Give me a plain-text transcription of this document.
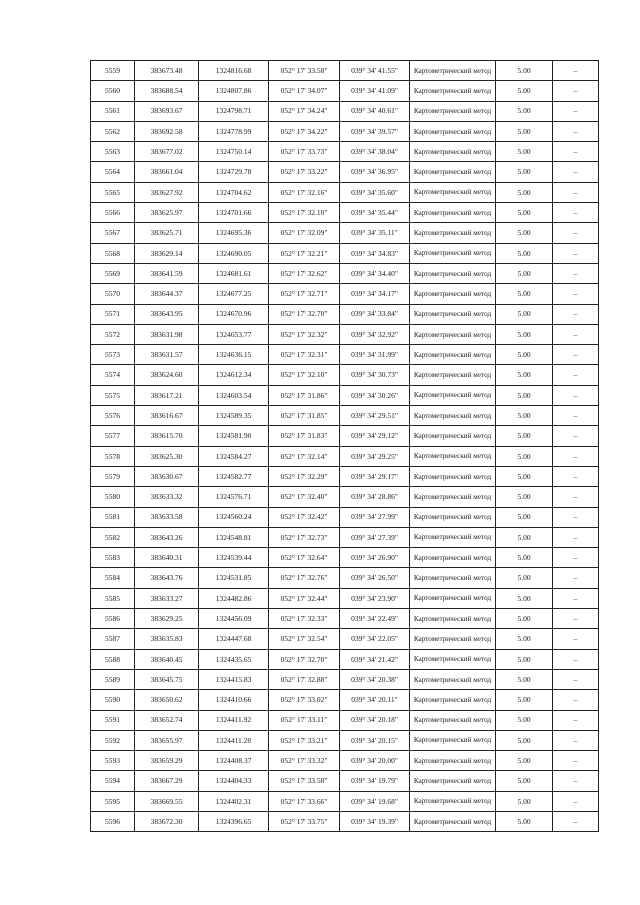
5559	383673.48	1324816.68	052° 17' 33.58"	039° 34' 41.55"	Картометрический метод	5.00	–
5560	383688.54	1324807.86	052° 17' 34.07"	039° 34' 41.09"	Картометрический метод	5.00	–
5561	383693.67	1324798.71	052° 17' 34.24"	039° 34' 40.61"	Картометрический метод	5.00	–
5562	383692.58	1324778.99	052° 17' 34.22"	039° 34' 39.57"	Картометрический метод	5.00	–
5563	383677.02	1324750.14	052° 17' 33.73"	039° 34' 38.04"	Картометрический метод	5.00	–
5564	383661.04	1324729.78	052° 17' 33.22"	039° 34' 36.95"	Картометрический метод	5.00	–
5565	383627.92	1324704.62	052° 17' 32.16"	039° 34' 35.60"	Картометрический метод	5.00	–
5566	383625.97	1324701.66	052° 17' 32.10"	039° 34' 35.44"	Картометрический метод	5.00	–
5567	383625.71	1324695.36	052° 17' 32.09"	039° 34' 35.11"	Картометрический метод	5.00	–
5568	383629.14	1324690.05	052° 17' 32.21"	039° 34' 34.83"	Картометрический метод	5.00	–
5569	383641.59	1324681.61	052° 17' 32.62"	039° 34' 34.40"	Картометрический метод	5.00	–
5570	383644.37	1324677.25	052° 17' 32.71"	039° 34' 34.17"	Картометрический метод	5.00	–
5571	383643.95	1324670.96	052° 17' 32.70"	039° 34' 33.84"	Картометрический метод	5.00	–
5572	383631.98	1324653.77	052° 17' 32.32"	039° 34' 32.92"	Картометрический метод	5.00	–
5573	383631.57	1324636.15	052° 17' 32.31"	039° 34' 31.99"	Картометрический метод	5.00	–
5574	383624.60	1324612.34	052° 17' 32.10"	039° 34' 30.73"	Картометрический метод	5.00	–
5575	383617.21	1324603.54	052° 17' 31.86"	039° 34' 30.26"	Картометрический метод	5.00	–
5576	383616.67	1324589.35	052° 17' 31.85"	039° 34' 29.51"	Картометрический метод	5.00	–
5577	383615.70	1324581.90	052° 17' 31.83"	039° 34' 29.12"	Картометрический метод	5.00	–
5578	383625.30	1324584.27	052° 17' 32.14"	039° 34' 29.25"	Картометрический метод	5.00	–
5579	383630.67	1324582.77	052° 17' 32.29"	039° 34' 29.17"	Картометрический метод	5.00	–
5580	383633.32	1324576.71	052° 17' 32.40"	039° 34' 28.86"	Картометрический метод	5.00	–
5581	383633.58	1324560.24	052° 17' 32.42"	039° 34' 27.99"	Картометрический метод	5.00	–
5582	383643.26	1324548.81	052° 17' 32.73"	039° 34' 27.39"	Картометрический метод	5.00	–
5583	383640.31	1324539.44	052° 17' 32.64"	039° 34' 26.90"	Картометрический метод	5.00	–
5584	383643.76	1324531.85	052° 17' 32.76"	039° 34' 26.50"	Картометрический метод	5.00	–
5585	383633.27	1324482.86	052° 17' 32.44"	039° 34' 23.90"	Картометрический метод	5.00	–
5586	383629.25	1324456.09	052° 17' 32.33"	039° 34' 22.49"	Картометрический метод	5.00	–
5587	383635.83	1324447.68	052° 17' 32.54"	039° 34' 22.05"	Картометрический метод	5.00	–
5588	383640.45	1324435.65	052° 17' 32.70"	039° 34' 21.42"	Картометрический метод	5.00	–
5589	383645.75	1324415.83	052° 17' 32.88"	039° 34' 20.38"	Картометрический метод	5.00	–
5590	383650.62	1324410.66	052° 17' 33.02"	039° 34' 20.11"	Картометрический метод	5.00	–
5591	383652.74	1324411.92	052° 17' 33.11"	039° 34' 20.18"	Картометрический метод	5.00	–
5592	383655.97	1324411.28	052° 17' 33.21"	039° 34' 20.15"	Картометрический метод	5.00	–
5593	383659.29	1324408.37	052° 17' 33.32"	039° 34' 20.00"	Картометрический метод	5.00	–
5594	383667.29	1324404.33	052° 17' 33.58"	039° 34' 19.79"	Картометрический метод	5.00	–
5595	383669.55	1324402.31	052° 17' 33.66"	039° 34' 19.68"	Картометрический метод	5.00	–
5596	383672.30	1324396.65	052° 17' 33.75"	039° 34' 19.39"	Картометрический метод	5.00	–
